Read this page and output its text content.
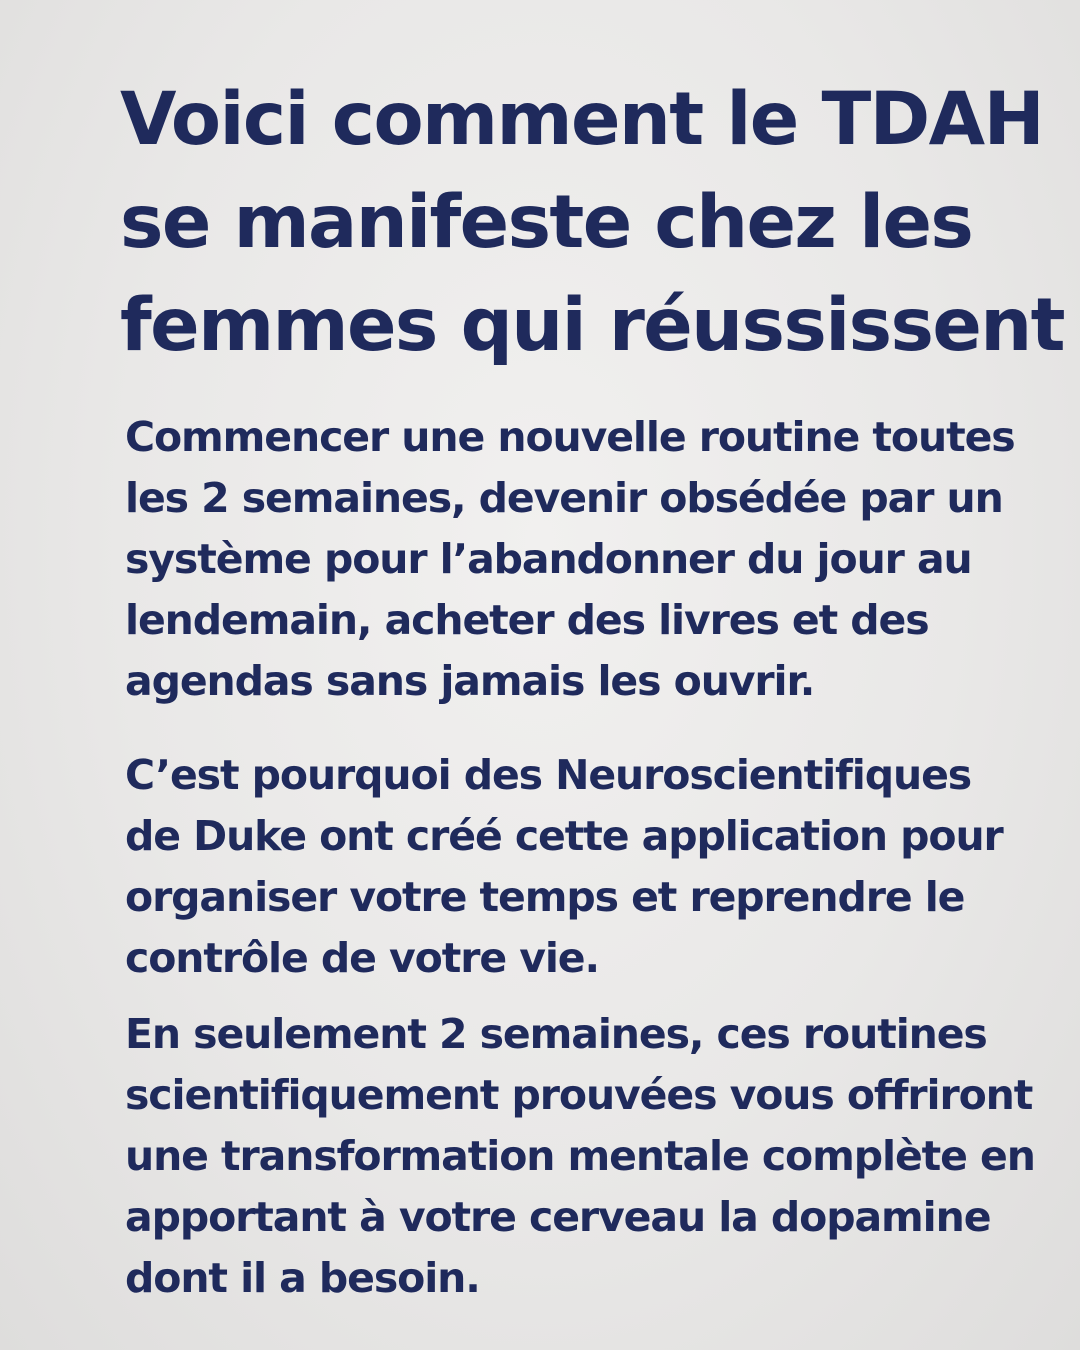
Voici comment le TDAH
se manifeste chez les
femmes qui réussissent

Commencer une nouvelle routine toutes
les 2 semaines, devenir obsédée par un
système pour l’abandonner du jour au
lendemain, acheter des livres et des
agendas sans jamais les ouvrir.

C’est pourquoi des Neuroscientifiques
de Duke ont créé cette application pour
organiser votre temps et reprendre le
contrôle de votre vie.

En seulement 2 semaines, ces routines
scientifiquement prouvées vous offriront
une transformation mentale complète en
apportant à votre cerveau la dopamine
dont il a besoin.
